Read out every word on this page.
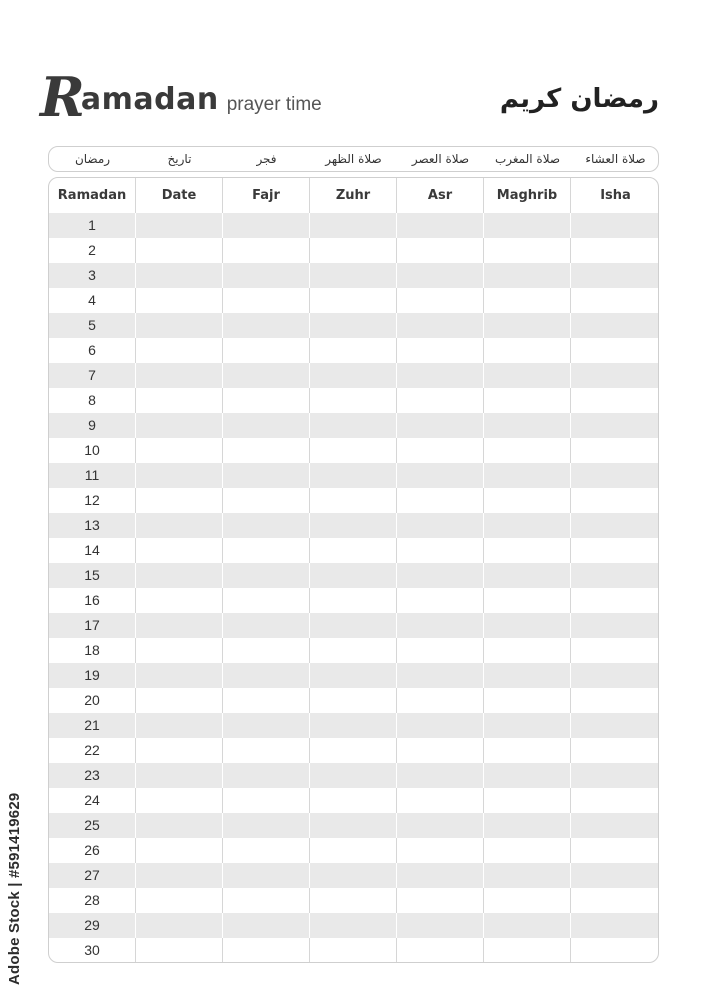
R
amadan prayer time	رمضان كريم
رمضان	تاريخ	فجر	صلاة الظهر	صلاة العصر	صلاة المغرب	صلاة العشاء
Ramadan	Date	Fajr	Zuhr	Asr	Maghrib	Isha
1
2
3
4
5
6
7
8
9
10
11
12
13
14
15
16
17
18
19
20
21
22
23
24
25
26
27
28
29
30
Adobe Stock | #591419629
